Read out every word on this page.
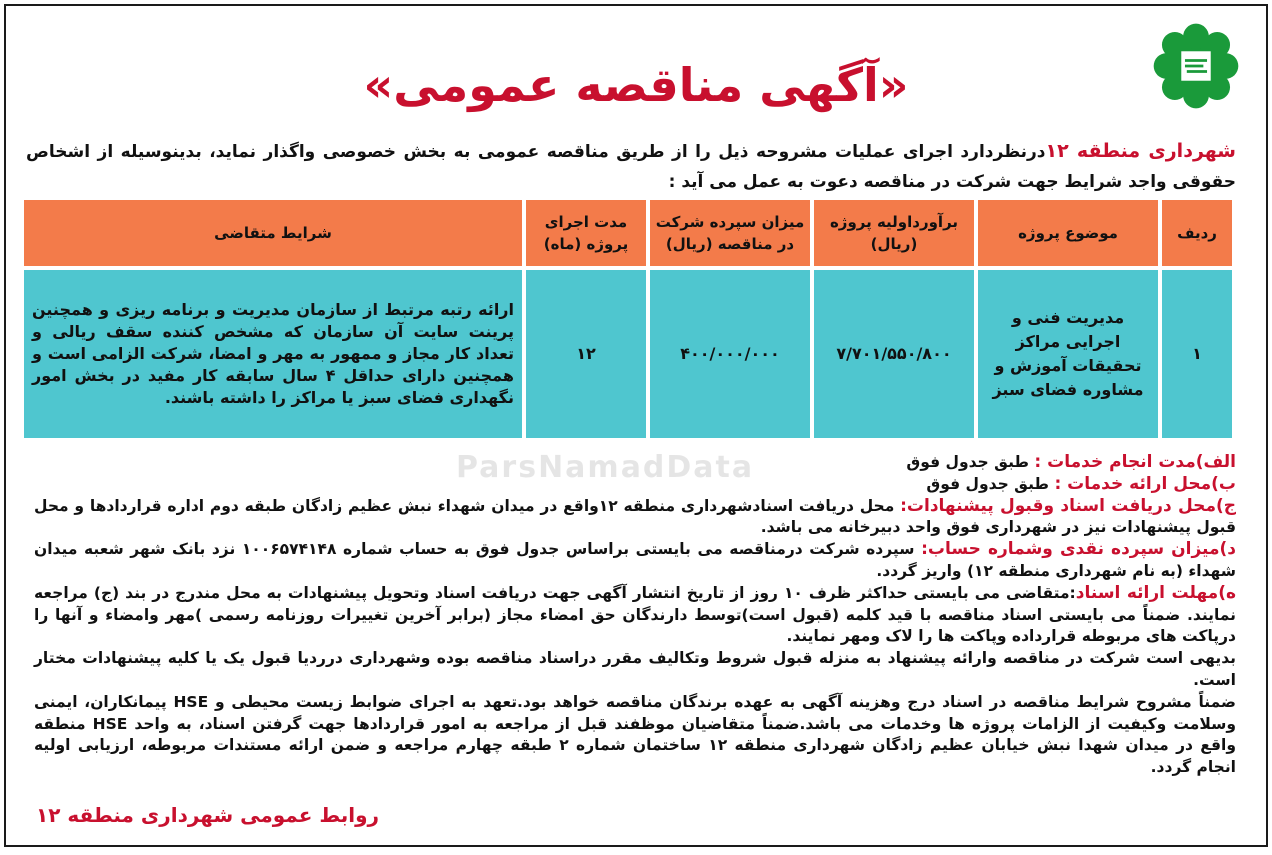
«آگهی مناقصه عمومی»
شهرداری منطقه ۱۲درنظردارد اجرای عملیات مشروحه ذیل را از طریق مناقصه عمومی به بخش خصوصی واگذار نماید، بدینوسیله از اشخاص حقوقی واجد شرایط جهت شرکت در مناقصه دعوت به عمل می آید :
ردیف	موضوع پروژه	برآورداولیه پروژه (ریال)	میزان سپرده شرکت در مناقصه (ریال)	مدت اجرای پروژه (ماه)	شرایط متقاضی
۱	مدیریت فنی و اجرایی مراکز تحقیقات آموزش و مشاوره فضای سبز	۷/۷۰۱/۵۵۰/۸۰۰	۴۰۰/۰۰۰/۰۰۰	۱۲	ارائه رتبه مرتبط از سازمان مدیریت و برنامه ریزی و همچنین پرینت سایت آن سازمان که مشخص کننده سقف ریالی و تعداد کار مجاز و ممهور به مهر و امضا، شرکت الزامی است و همچنین دارای حداقل ۴ سال سابقه کار مفید در بخش امور نگهداری فضای سبز یا مراکز را داشته باشند.
ParsNamadData	الف)مدت انجام خدمات : طبق جدول فوق

ب)محل ارائه خدمات : طبق جدول فوق

ج)محل دریافت اسناد وقبول پیشنهادات: محل دریافت اسنادشهرداری منطقه ۱۲واقع در میدان شهداء نبش عظیم زادگان طبقه دوم اداره قراردادها و محل قبول پیشنهادات نیز در شهرداری فوق واحد دبیرخانه می باشد.

د)میزان سپرده نقدی وشماره حساب: سپرده شرکت درمناقصه می بایستی براساس جدول فوق به حساب شماره ۱۰۰۶۵۷۴۱۴۸ نزد بانک شهر شعبه میدان شهداء (به نام شهرداری منطقه ۱۲) واریز گردد.

ه)مهلت ارائه اسناد:متقاضی می بایستی حداکثر ظرف ۱۰ روز از تاریخ انتشار آگهی جهت دریافت اسناد وتحویل پیشنهادات به محل مندرج در بند (ج) مراجعه نمایند. ضمناً می بایستی اسناد مناقصه با قید کلمه (قبول است)توسط دارندگان حق امضاء مجاز (برابر آخرین تغییرات روزنامه رسمی )مهر وامضاء و آنها را درپاکت های مربوطه قرارداده وپاکت ها را لاک ومهر نمایند.

بدیهی است شرکت در مناقصه وارائه پیشنهاد به منزله قبول شروط وتکالیف مقرر دراسناد مناقصه بوده وشهرداری درردیا قبول یک یا کلیه پیشنهادات مختار است.

ضمناً مشروح شرایط مناقصه در اسناد درج وهزینه آگهی به عهده برندگان مناقصه خواهد بود.تعهد به اجرای ضوابط زیست محیطی و HSE پیمانکاران، ایمنی وسلامت وکیفیت از الزامات پروژه ها وخدمات می باشد.ضمناً متقاضیان موظفند قبل از مراجعه به امور قراردادها جهت گرفتن اسناد، به واحد HSE منطقه واقع در میدان شهدا نبش خیابان عظیم زادگان شهرداری منطقه ۱۲ ساختمان شماره ۲ طبقه چهارم مراجعه و ضمن ارائه مستندات مربوطه، ارزیابی اولیه انجام گردد.

روابط عمومی شهرداری منطقه ۱۲
